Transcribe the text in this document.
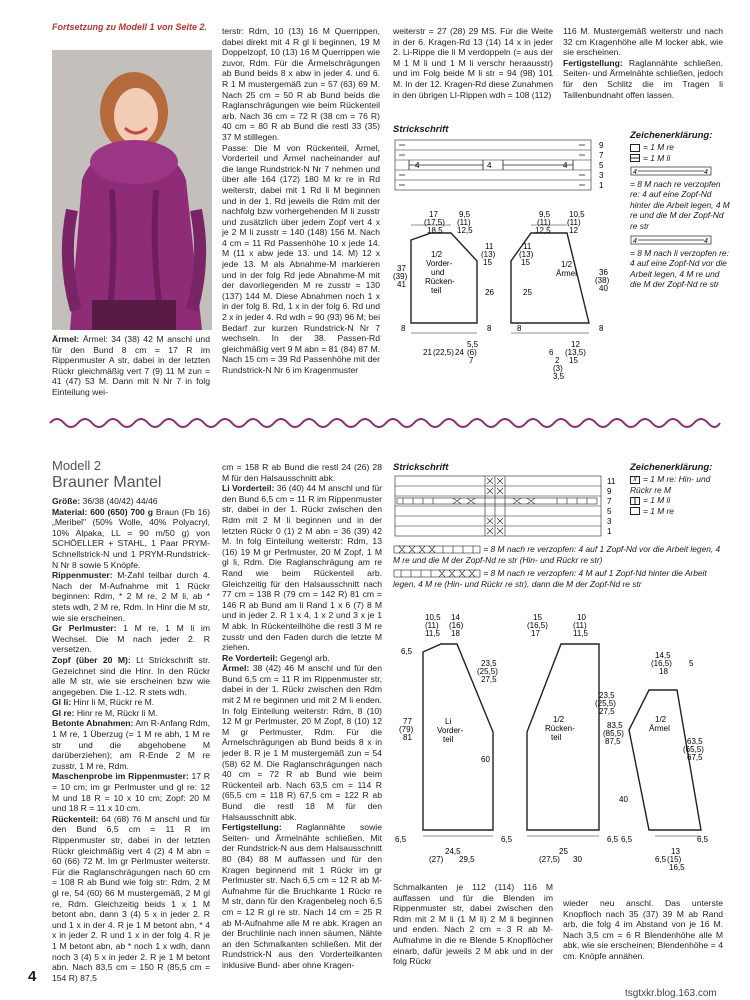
Fortsetzung zu Modell 1 von Seite 2.
Ärmel: Ärmel: 34 (38) 42 M anschl und für den Bund 8 cm = 17 R im Rippenmuster A str, dabei in der letzten Rückr gleichmäßig vert 7 (9) 11 M zun = 41 (47) 53 M. Dann mit N Nr 7 in folg Einteilung wei-

terstr: Rdm, 10 (13) 16 M Querrippen, dabei direkt mit 4 R gl li beginnen, 19 M Doppelzopf, 10 (13) 16 M Querrippen wie zuvor, Rdm. Für die Ärmelschrägungen ab Bund beids 8 x abw in jeder 4. und 6. R 1 M mustergemäß zun = 57 (63) 69 M. Nach 25 cm = 50 R ab Bund beids die Raglanschrägungen wie beim Rückenteil arb. Nach 36 cm = 72 R (38 cm = 76 R) 40 cm = 80 R ab Bund die restl 33 (35) 37 M stilllegen.

Passe: Die M von Rückenteil, Ärmel, Vorderteil und Ärmel nacheinander auf die lange Rundstrick-N Nr 7 nehmen und über alle 164 (172) 180 M kr re in Rd weiterstr, dabei mit 1 Rd li M beginnen und in der 1. Rd jeweils die Rdm mit der nachfolg bzw vorhergehenden M li zusstr und zusätzlich über jedem Zopf vert 4 x je 2 M li zusstr = 140 (148) 156 M. Nach 4 cm = 11 Rd Passenhöhe 10 x jede 14. M (11 x abw jede 13. und 14. M) 12 x jede 13. M als Abnahme-M markieren und in der folg Rd jede Abnahme-M mit der davorliegenden M re zusstr = 130 (137) 144 M. Diese Abnahmen noch 1 x in der folg 8. Rd, 1 x in der folg 6. Rd und 2 x in jeder 4. Rd wdh = 90 (93) 96 M; bei Bedarf zur kurzen Rundstrick-N Nr 7 wechseln. In der 38. Passen-Rd gleichmäßig vert 9 M abn = 81 (84) 87 M. Nach 15 cm = 39 Rd Passenhöhe mit der Rundstrick-N Nr 6 im Kragenmuster

weiterstr = 27 (28) 29 MS. Für die Weite in der 6. Kragen-Rd 13 (14) 14 x in jeder 2. Li-Rippe die li M verdoppeln (= aus der M 1 M li und 1 M li verschr heraausstr) und im Folg beide M li str = 94 (98) 101 M. In der 12. Kragen-Rd diese Zunahmen in den übrigen LI-Rippen wdh = 108 (112)

116 M. Mustergemäß weiterstr und nach 32 cm Kragenhöhe alle M locker abk, wie sie erscheinen.

Fertigstellung: Raglannähte schließen. Seiten- und Ärmelnähte schließen, jedoch für den Schlitz die im Tragen li Taillenbundnaht offen lassen.

Strickschrift
4	4	4
9
7
5
3
1
Zeichenerklärung:
= 1 M re
= 1 M li
4	4
= 8 M nach re verzopfen re: 4 auf eine Zopf-Nd hinter die Arbeit legen, 4 M re und die M der Zopf-Nd re str
4	4
= 8 M nach li verzopfen re: 4 auf eine Zopf-Nd vor die Arbeit legen, 4 M re und die M der Zopf-Nd re str
17
(17,5)
18,5
9,5
(11)
12,5
11
(13)
15
37
(39)
41
1/2
Vorder-
und
Rücken-
teil	26
8	8
21 (22,5) 24
5,5
(6)
7
9,5
(11)
12,5
10,5
(11)
12
11
(13)
15	1/2
Ärmel	36
(38)
40
25
8	8
12
(13,5)
15
6
2
(3)
3,5
Modell 2
Brauner Mantel

Größe: 36/38 (40/42) 44/46

Material: 600 (650) 700 g Braun (Fb 16) „Meribel" (50% Wolle, 40% Polyacryl, 10% Alpaka, LL = 90 m/50 g) von SCHÖELLER + STAHL, 1 Paar PRYM-Schnellstrick-N und 1 PRYM-Rundstrick-N Nr 8 sowie 5 Knöpfe.

Rippenmuster: M-Zahl teilbar durch 4. Nach der M-Aufnahme mit 1 Rückr beginnen: Rdm, * 2 M re, 2 M li, ab * stets wdh, 2 M re, Rdm. In Hinr die M str, wie sie erscheinen.

Gr Perlmuster: 1 M re, 1 M li im Wechsel. Die M nach jeder 2. R versetzen.

Zopf (über 20 M): Lt Strickschrift str. Gezeichnet sind die Hinr. In den Rückr alle M str, wie sie erscheinen bzw wie angegeben. Die 1.-12. R stets wdh.

Gl li: Hinr li M, Rückr re M.

Gl re: Hinr re M, Rückr li M.

Betonte Abnahmen: Am R-Anfang Rdm, 1 M re, 1 Überzug (= 1 M re abh, 1 M re str und die abgehobene M darüberziehen); am R-Ende 2 M re zusstr, 1 M re, Rdm.

Maschenprobe im Rippenmuster: 17 R = 10 cm; im gr Perlmuster und gl re: 12 M und 18 R = 10 x 10 cm; Zopf: 20 M und 18 R = 11 x 10 cm.

Rückenteil: 64 (68) 76 M anschl und für den Bund 6,5 cm = 11 R im Rippenmuster str, dabei in der letzten Rückr gleichmäßig vert 4 (2) 4 M abn = 60 (66) 72 M. Im gr Perlmuster weiterstr. Für die Raglanschrägungen nach 60 cm = 108 R ab Bund wie folg str: Rdm, 2 M gl re, 54 (60) 66 M mustergemäß, 2 M gl re, Rdm. Gleichzeitig beids 1 x 1 M betont abn, dann 3 (4) 5 x in jeder 2. R und 1 x in der 4. R je 1 M betont abn, * 4 x in jeder 2. R und 1 x in der folg 4. R je 1 M betont abn, ab * noch 1 x wdh, dann noch 3 (4) 5 x in jeder 2. R je 1 M betont abn. Nach 83,5 cm = 150 R (85,5 cm = 154 R) 87,5

cm = 158 R ab Bund die restl 24 (26) 28 M für den Halsausschnitt abk.

Li Vorderteil: 36 (40) 44 M anschl und für den Bund 6,5 cm = 11 R im Rippenmuster str, dabei in der 1. Rückr zwischen den Rdm mit 2 M li beginnen und in der letzten Rückr 0 (1) 2 M abn = 36 (39) 42 M. In folg Einteilung weiterstr: Rdm, 13 (16) 19 M gr Perlmuster, 20 M Zopf, 1 M gl li, Rdm. Die Raglanschrägung am re Rand wie beim Rückenteil arb. Gleichzeitig für den Halsausschnitt nach 77 cm = 138 R (79 cm = 142 R) 81 cm = 146 R ab Bund am li Rand 1 x 6 (7) 8 M und in jeder 2. R 1 x 4, 1 x 2 und 3 x je 1 M abk. In Rückenteilhöhe die restl 3 M re zusstr und den Faden durch die letzte M ziehen.

Re Vorderteil: Gegengl arb.

Ärmel: 38 (42) 46 M anschl und für den Bund 6,5 cm = 11 R im Rippenmuster str, dabei in der 1. Rückr zwischen den Rdm mit 2 M re beginnen und mit 2 M li enden. In folg Einteilung weiterstr: Rdm, 8 (10) 12 M gr Perlmuster, 20 M Zopf, 8 (10) 12 M gr Perlmuster, Rdm. Für die Ärmelschrägungen ab Bund beids 8 x in jeder 8. R je 1 M mustergemäß zun = 54 (58) 62 M. Die Raglanschrägungen nach 40 cm = 72 R ab Bund wie beim Rückenteil arb. Nach 63,5 cm = 114 R (65,5 cm = 118 R) 67,5 cm = 122 R ab Bund die restl 18 M für den Halsausschnitt abk.

Fertigstellung: Raglannähte sowie Seiten- und Ärmelnähte schließen. Mit der Rundstrick-N aus dem Halsausschnitt 80 (84) 88 M auffassen und für den Kragen beginnend mit 1 Rückr im gr Perlmuster str. Nach 6,5 cm = 12 R ab M-Aufnahme für die Bruchkante 1 Rückr re M str, dann für den Kragenbeleg noch 6,5 cm = 12 R gl re str. Nach 14 cm = 25 R ab M-Aufnahme alle M re abk. Kragen an der Bruchlinie nach innen säumen, Nähte an den Schmalkanten schließen. Mit der Rundstrick-N aus den Vorderteilkanten inklusive Bund- aber ohne Kragen-

Strickschrift
11
9
7
5
3
1
= 8 M nach re verzopfen: 4 auf 1 Zopf-Nd vor die Arbeit legen, 4 M re und die M der Zopf-Nd re str (Hin- und Rückr re str)
= 8 M nach re verzopfen: 4 M auf 1 Zopf-Nd hinter die Arbeit legen, 4 M re (Hin- und Rückr re str), dann die M der Zopf-Nd re str
Zeichenerklärung:
x = 1 M re: Hin- und Rückr re M
= 1 M li
= 1 M re
10,5
(11)
11,5
14
(16)
18
6,5
77
(79)
81
Li
Vorder-
teil
23,5
(25,5)
27,5
60
6,5	6,5
24,5
(27) 29,5
15
(16,5)
17
10
(11)
11,5
1/2
Rücken-
teil
83,5
(85,5)
87,5
6,5
25
(27,5) 30
14,5
(16,5)
18
5
23,5
(25,5)
27,5
1/2
Ärmel
63,5
(65,5)
67,5
40
6,5	6,5
13
(15)
16,5
6,5

Schmalkanten je 112 (114) 116 M auffassen und für die Blenden im Rippenmuster str, dabei zwischen den Rdm mit 2 M li (1 M li) 2 M li beginnen und enden. Nach 2 cm = 3 R ab M-Aufnahme in die re Blende 5 Knopflöcher einarb, dafür jeweils 2 M abk und in der folg Rückr

wieder neu anschl. Das unterste Knopfloch nach 35 (37) 39 M ab Rand arb, die folg 4 im Abstand von je 16 M. Nach 3,5 cm = 6 R Blendenhöhe alle M abk, wie sie erscheinen; Blendenhöhe = 4 cm. Knöpfe annähen.

4
tsgtxkr.blog.163.com
